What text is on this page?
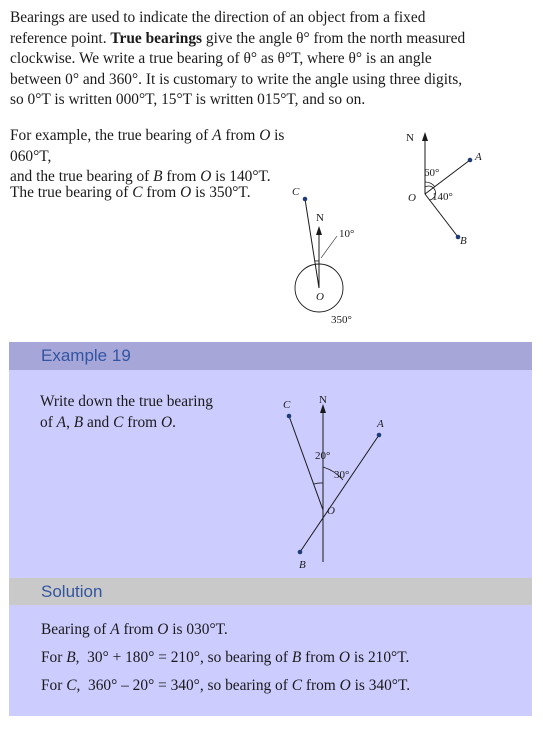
Bearings are used to indicate the direction of an object from a fixed
reference point. True bearings give the angle θ° from the north measured
clockwise. We write a true bearing of θ° as θ°T, where θ° is an angle
between 0° and 360°. It is customary to write the angle using three digits,
so 0°T is written 000°T, 15°T is written 015°T, and so on.
For example, the true bearing of A from O is 060°T,
and the true bearing of B from O is 140°T.
The true bearing of C from O is 350°T.
N
A
B
O
60°
140°
N
C
10°
O
350°
Example 19
Write down the true bearing
of A, B and C from O.
N
C
A
B
O
20°
30°
Solution
Bearing of A from O is 030°T.
For B,  30° + 180° = 210°, so bearing of B from O is 210°T.
For C,  360° – 20° = 340°, so bearing of C from O is 340°T.
